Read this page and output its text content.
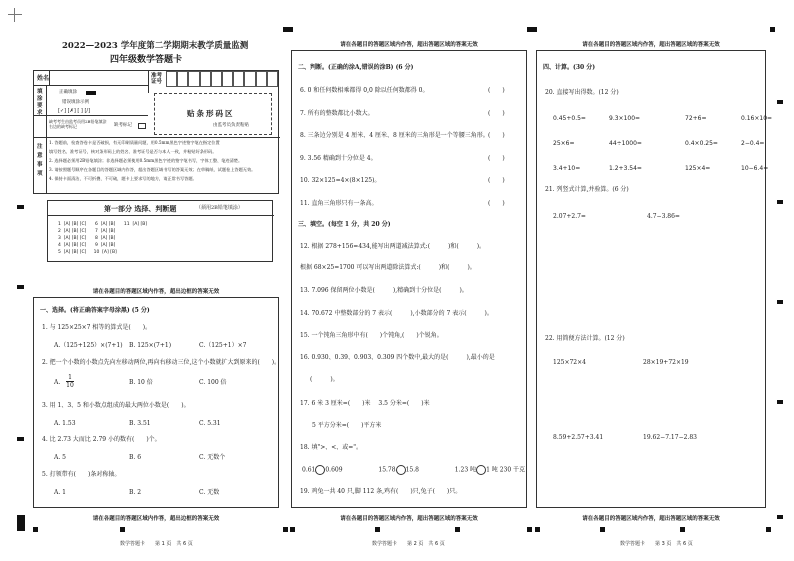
2022—2023 学年度第二学期期末教学质量监测
四年级数学答题卡
姓名	准考证号
填涂要求
正确填涂
错误填涂示例
[✓] [✗] [ ] [/]
缺考考生由监考员用2B铅笔填涂右边的缺考标记	缺考标记
贴条形码区
由监考员负责粘贴
注意事项
1. 答题前，检查答卷卡是否破损，有无印刷质量问题，用0.5mm黑色字迹签字笔在指定位置
填写姓名、准考证号，核对条形码上的姓名、准考证号是否与本人一致，并粘贴好条形码。
2. 选择题必须用2B铅笔填涂；非选择题必须使用0.5mm黑色字迹的签字笔书写，字体工整、笔迹清楚。
3. 请按照题号顺序在各题目的答题区域内作答，超出答题区域书写的答案无效；在草稿纸、试题卷上答题无效。
4. 保持卡面清洁，不可折叠、不可破，题卡上要求写的地方，请正常书写答题。
第一部分 选择、判断题	（须用2B铅笔填涂）
1  [A] [B] [C]      6  [A] [B]      11  [A] [B]
2  [A] [B] [C]      7  [A] [B]
3  [A] [B] [C]      8  [A] [B]
4  [A] [B] [C]      9  [A] [B]
5  [A] [B] [C]     10  [A] [B]
请在各题目的答题区域内作答，超出边框的答案无效
一、选择。(将正确答案字母涂黑) (5 分)
1. 与 125×25×7 相等的算式是(　　)。
A.（125+125）×(7+1) B. 125×(7+1)	C.（125+1）×7
2. 把一个小数的小数点先向左移动两位,再向右移动三位,这个小数就扩大到原来的(　　)。
A.
1
10	B. 10 倍	C. 100 倍
3. 用 1、3、5 和小数点组成的最大两位小数是(　　)。
A. 1.53	B. 3.51	C. 5.31
4. 比 2.73 大而比 2.79 小的数有(　　)个。
A. 5	B. 6	C. 无数个
5. 打领带有(　　)条对称轴。
A. 1	B. 2	C. 无数
请在各题目的答题区域内作答，超出边框的答案无效
数学答题卡　　第 1 页　共 6 页
请在各题目的答题区域内作答，超出答题区域的答案无效
二、判断。(正确的涂A,错误的涂B) (6 分)
6. 0 和任何数相乘都得 0,0 除以任何数都得 0。	(　　)
7. 所有的整数都比小数大。	(　　)
8. 三条边分别是 4 厘米、4 厘米、8 厘米的三角形是一个等腰三角形。 (　　)
9. 3.56 精确到十分位是 4。	(　　)
10. 32×125=4×(8×125)。	(　　)
11. 直角三角形只有一条高。	(　　)
三、填空。(每空 1 分，共 20 分)
12. 根据 278+156=434,能写出两道减法算式:(　　　)和(　　　)。
根据 68×25=1700 可以写出两道除法算式:(　　　)和(　　　)。
13. 7.096 保留两位小数是(　　　),精确到十分位是(　　　)。
14. 70.672 中整数部分的 7 表示(　　　),小数部分的 7 表示(　　　)。
15. 一个钝角三角形中有(　　)个钝角,(　　)个锐角。
16. 0.930、0.39、0.903、0.309 四个数中,最大的是(　　　),最小的是
(　　　)。
17. 6 米 3 厘米=(　　)米　 3.5 分米=(　　)米
5 平方分米=(　　)平方米
18. 填">、<、或="。
0.61 0.609	15.78 15.8	1.23 吨 1 吨 230 千克
19. 鸡兔一共 40 只,脚 112 条,鸡有(　　)只,兔子(　　)只。
请在各题目的答题区域内作答，超出答题区域的答案无效
数学答题卡　　第 2 页　共 6 页
请在各题目的答题区域内作答，超出答题区域的答案无效
四、计算。(30 分)
20. 直接写出得数。(12 分)
0.45+0.5=	9.3×100=	72+6=	0.16×10=
25×6=	44÷1000=	0.4×0.25=	2−0.4=
3.4+10=	1.2+3.54=	125×4=	10−6.4=
21. 列竖式计算,并验算。(6 分)
2.07+2.7=	4.7−3.86=
22. 用简便方法计算。(12 分)
125×72×4	28×19+72×19
8.59+2.57+3.41	19.62−7.17−2.83
请在各题目的答题区域内作答，超出答题区域的答案无效
数学答题卡　　第 3 页　共 6 页
